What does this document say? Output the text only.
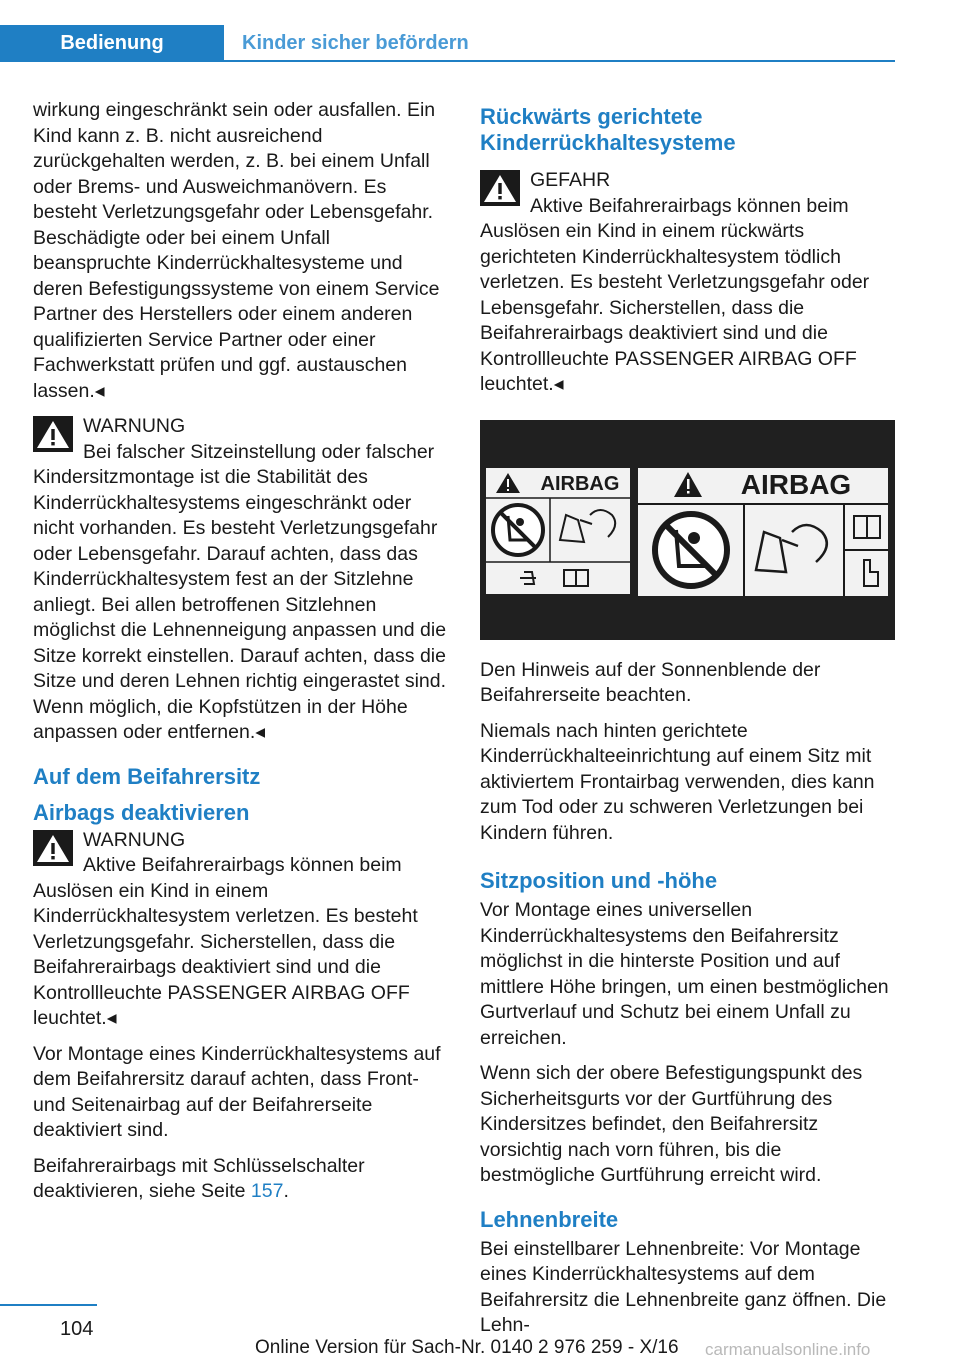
Bedienung	Kinder sicher befördern

wirkung eingeschränkt sein oder ausfallen. Ein Kind kann z. B. nicht ausreichend zurückgehalten werden, z. B. bei einem Unfall oder Brems- und Ausweichmanövern. Es besteht Verletzungsgefahr oder Lebensgefahr. Beschädigte oder bei einem Unfall beanspruchte Kinderrückhaltesysteme und deren Befestigungssysteme von einem Service Partner des Herstellers oder einem anderen qualifizierten Service Partner oder einer Fachwerkstatt prüfen und ggf. austauschen lassen.◂

WARNUNG
Bei falscher Sitzeinstellung oder falscher Kindersitzmontage ist die Stabilität des Kinderrückhaltesystems eingeschränkt oder nicht vorhanden. Es besteht Verletzungsgefahr oder Lebensgefahr. Darauf achten, dass das Kinderrückhaltesystem fest an der Sitzlehne anliegt. Bei allen betroffenen Sitzlehnen möglichst die Lehnenneigung anpassen und die Sitze korrekt einstellen. Darauf achten, dass die Sitze und deren Lehnen richtig eingerastet sind. Wenn möglich, die Kopfstützen in der Höhe anpassen oder entfernen.◂
Auf dem Beifahrersitz
Airbags deaktivieren
WARNUNG
Aktive Beifahrerairbags können beim Auslösen ein Kind in einem Kinderrückhaltesystem verletzen. Es besteht Verletzungsgefahr. Sicherstellen, dass die Beifahrerairbags deaktiviert sind und die Kontrollleuchte PASSENGER AIRBAG OFF leuchtet.◂

Vor Montage eines Kinderrückhaltesystems auf dem Beifahrersitz darauf achten, dass Front- und Seitenairbag auf der Beifahrerseite deaktiviert sind.

Beifahrerairbags mit Schlüsselschalter deaktivieren, siehe Seite 157.

Rückwärts gerichtete Kinderrückhaltesysteme
GEFAHR
Aktive Beifahrerairbags können beim Auslösen ein Kind in einem rückwärts gerichteten Kinderrückhaltesystem tödlich verletzen. Es besteht Verletzungsgefahr oder Lebensgefahr. Sicherstellen, dass die Beifahrerairbags deaktiviert sind und die Kontrollleuchte PASSENGER AIRBAG OFF leuchtet.◂
AIRBAG	AIRBAG

Den Hinweis auf der Sonnenblende der Beifahrerseite beachten.

Niemals nach hinten gerichtete Kinderrückhalteeinrichtung auf einem Sitz mit aktiviertem Frontairbag verwenden, dies kann zum Tod oder zu schweren Verletzungen bei Kindern führen.

Sitzposition und -höhe

Vor Montage eines universellen Kinderrückhaltesystems den Beifahrersitz möglichst in die hinterste Position und auf mittlere Höhe bringen, um einen bestmöglichen Gurtverlauf und Schutz bei einem Unfall zu erreichen.

Wenn sich der obere Befestigungspunkt des Sicherheitsgurts vor der Gurtführung des Kindersitzes befindet, den Beifahrersitz vorsichtig nach vorn führen, bis die bestmögliche Gurtführung erreicht wird.

Lehnenbreite

Bei einstellbarer Lehnenbreite: Vor Montage eines Kinderrückhaltesystems auf dem Beifahrersitz die Lehnenbreite ganz öffnen. Die Lehn-

104
Online Version für Sach-Nr. 0140 2 976 259 - X/16 carmanualsonline.info
